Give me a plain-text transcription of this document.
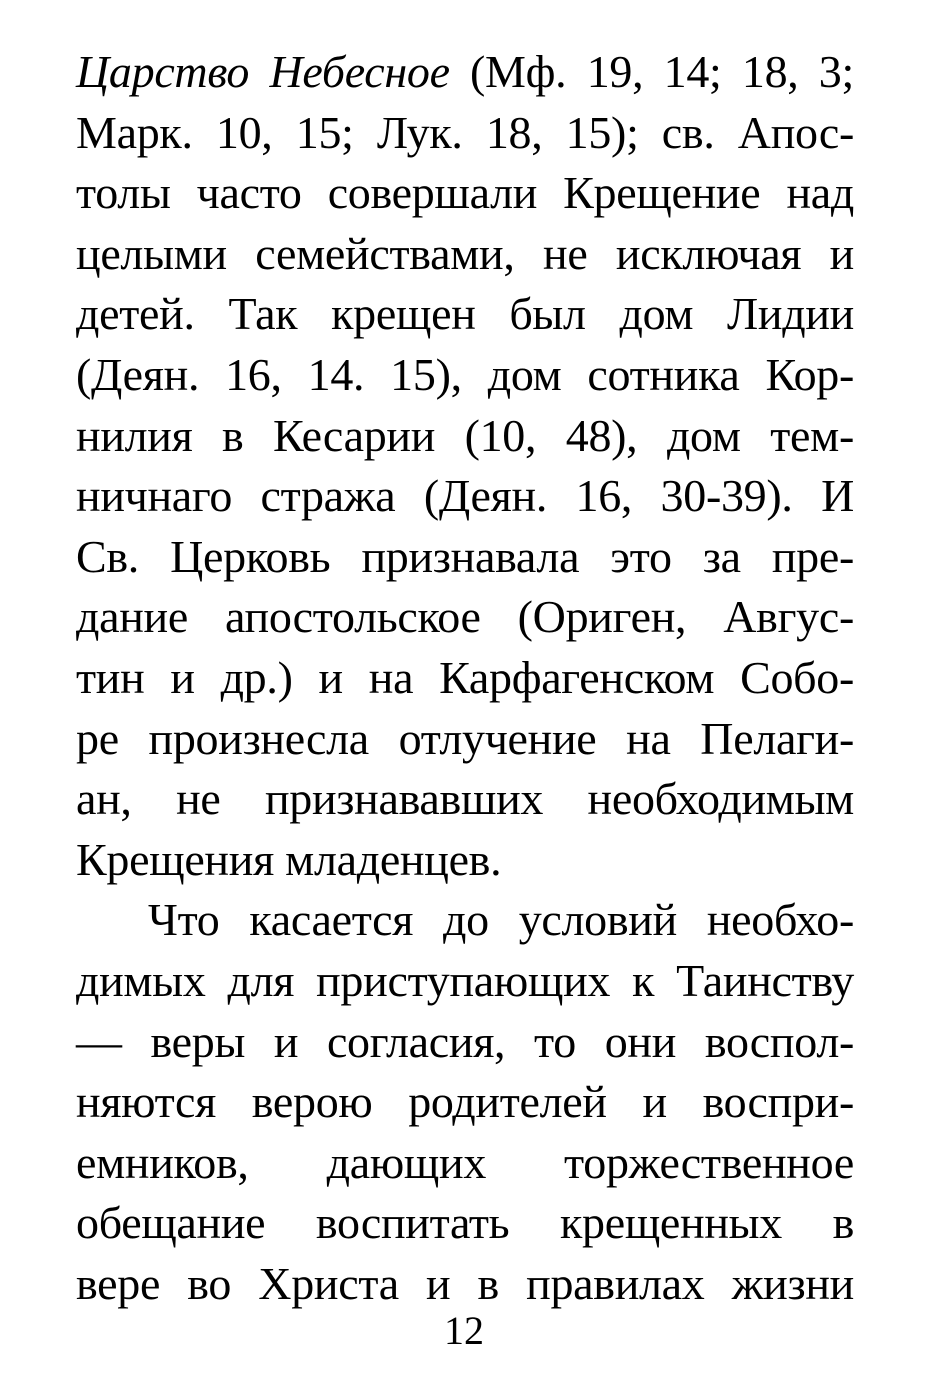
Царство Небесное (Мф. 19, 14; 18, 3;
Марк. 10, 15; Лук. 18, 15); св. Апос-
толы часто совершали Крещение над
целыми семействами, не исключая и
детей. Так крещен был дом Лидии
(Деян. 16, 14. 15), дом сотника Кор-
нилия в Кесарии (10, 48), дом тем-
ничнаго стража (Деян. 16, 30-39). И
Св. Церковь признавала это за пре-
дание апостольское (Ориген, Авгус-
тин и др.) и на Карфагенском Собо-
ре произнесла отлучение на Пелаги-
ан, не признававших необходимым
Крещения младенцев.
Что касается до условий необхо-
димых для приступающих к Таинству
— веры и согласия, то они воспол-
няются верою родителей и воспри-
емников, дающих торжественное
обещание воспитать крещенных в
вере во Христа и в правилах жизни
12
